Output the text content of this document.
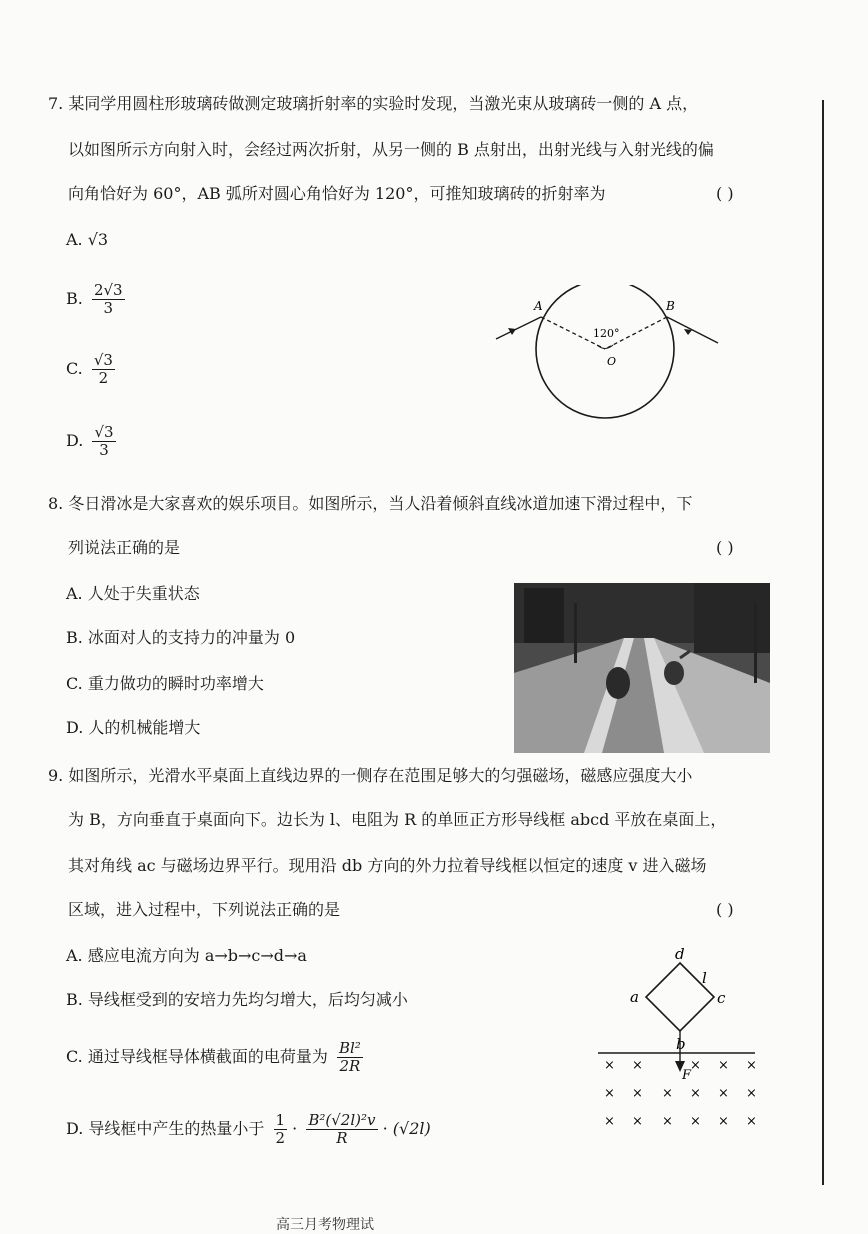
7. 某同学用圆柱形玻璃砖做测定玻璃折射率的实验时发现，当激光束从玻璃砖一侧的 A 点，
以如图所示方向射入时，会经过两次折射，从另一侧的 B 点射出，出射光线与入射光线的偏
向角恰好为 60°，AB 弧所对圆心角恰好为 120°，可推知玻璃砖的折射率为	( )
A. √3
B. $\frac{2√3}{3}$
C. $\frac{√3}{2}$
D. $\frac{√3}{3}$
A	B
120°
O
8. 冬日滑冰是大家喜欢的娱乐项目。如图所示，当人沿着倾斜直线冰道加速下滑过程中，下
列说法正确的是	( )
A. 人处于失重状态
B. 冰面对人的支持力的冲量为 0
C. 重力做功的瞬时功率增大
D. 人的机械能增大
9. 如图所示，光滑水平桌面上直线边界的一侧存在范围足够大的匀强磁场，磁感应强度大小
为 B，方向垂直于桌面向下。边长为 l、电阻为 R 的单匝正方形导线框 abcd 平放在桌面上，
其对角线 ac 与磁场边界平行。现用沿 db 方向的外力拉着导线框以恒定的速度 v 进入磁场
区域，进入过程中，下列说法正确的是	( )
A. 感应电流方向为 a→b→c→d→a
B. 导线框受到的安培力先均匀增大，后均匀减小
C. 通过导线框导体横截面的电荷量为 $\frac{\text{Bl²}}{2R}$
D. 导线框中产生的热量小于 $\frac{1}{2} \cdot \frac{\text{B²(√2l)²v}}{R} \cdot (√2l)$
d
a	c
b
l
F
× ×	× × ×
× × × × × ×
× × × × × ×
高三月考物理试
